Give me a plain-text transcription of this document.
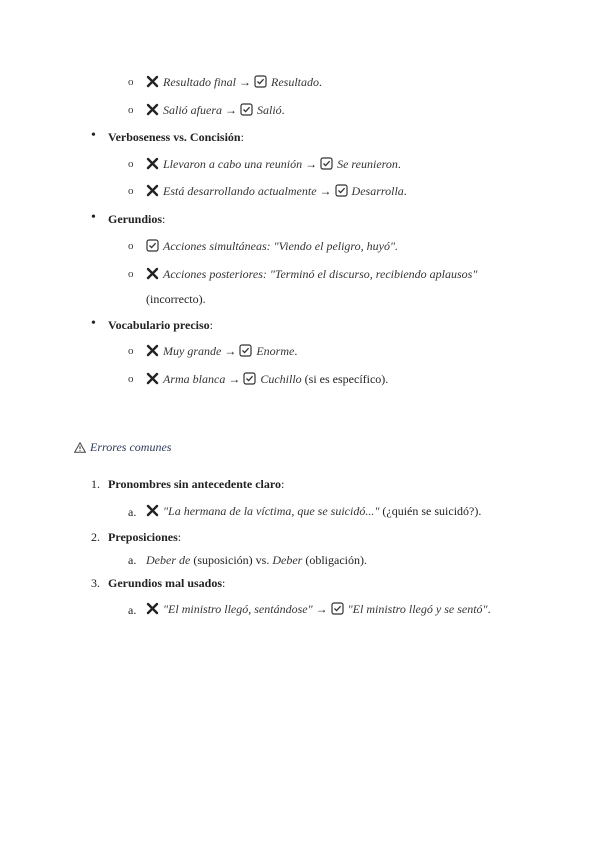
o	Resultado final → Resultado.
o	Salió afuera → Salió.
• Verboseness vs. Concisión:
o	Llevaron a cabo una reunión → Se reunieron.
o	Está desarrollando actualmente → Desarrolla.
• Gerundios:
o	Acciones simultáneas: "Viendo el peligro, huyó".
o	Acciones posteriores: "Terminó el discurso, recibiendo aplausos"
(incorrecto).
• Vocabulario preciso:
o	Muy grande → Enorme.
o	Arma blanca → Cuchillo (si es específico).
Errores comunes
1. Pronombres sin antecedente claro:
a.	"La hermana de la víctima, que se suicidó..." (¿quién se suicidó?).
2. Preposiciones:
a. Deber de (suposición) vs. Deber (obligación).
3. Gerundios mal usados:
a.	"El ministro llegó, sentándose" → "El ministro llegó y se sentó".
